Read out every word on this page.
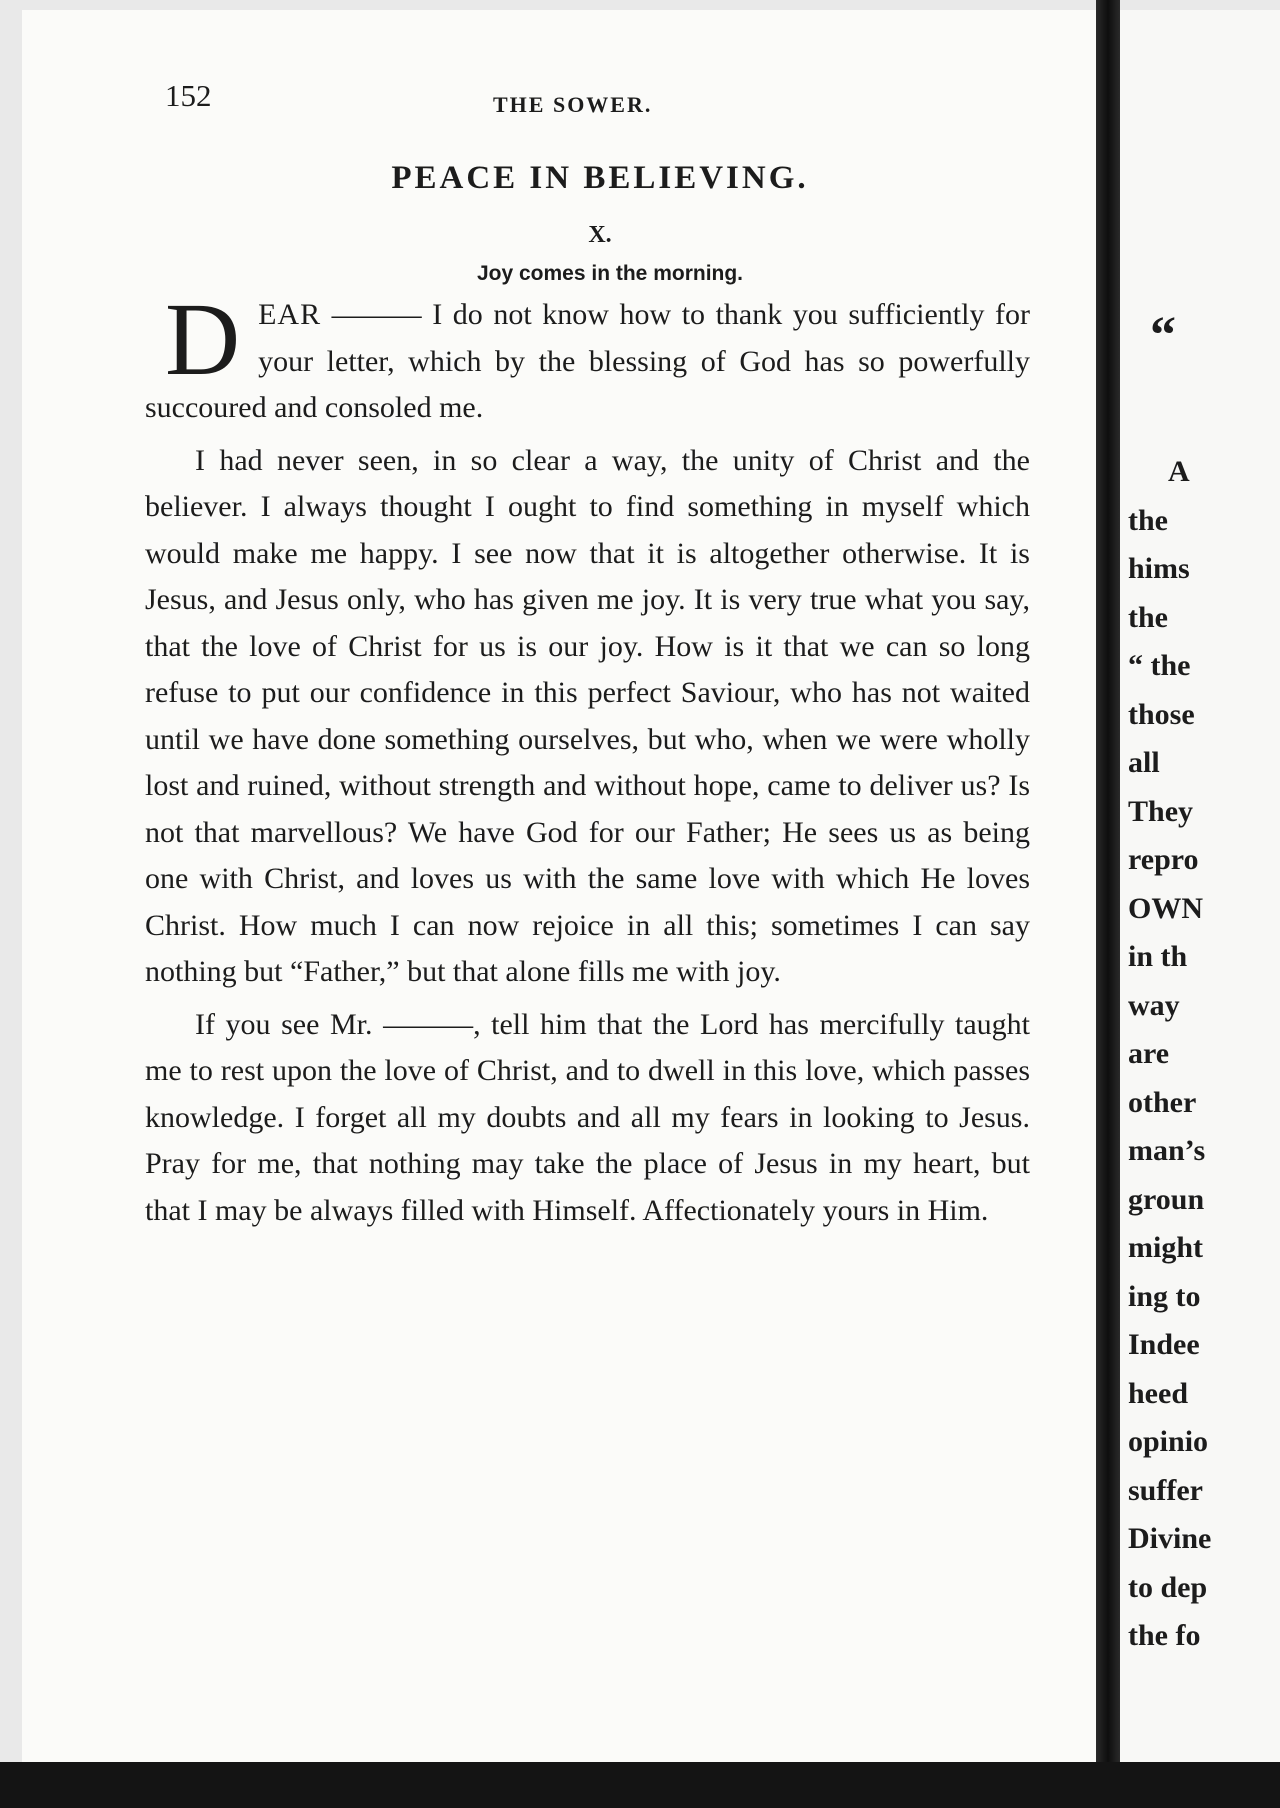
“
A
the
hims
the
“ the
those
all
They
repro
OWN
in th
way
are
other
man’s
groun
might
ing to
Indee
heed
opinio
suffer
Divine
to dep
the fo
152	THE SOWER.
PEACE IN BELIEVING.
X.
Joy comes in the morning.

DEAR ——— I do not know how to thank you sufficiently for your letter, which by the blessing of God has so powerfully succoured and consoled me.

I had never seen, in so clear a way, the unity of Christ and the believer. I always thought I ought to find something in myself which would make me happy. I see now that it is altogether otherwise. It is Jesus, and Jesus only, who has given me joy. It is very true what you say, that the love of Christ for us is our joy. How is it that we can so long refuse to put our confidence in this perfect Saviour, who has not waited until we have done something ourselves, but who, when we were wholly lost and ruined, without strength and without hope, came to deliver us? Is not that marvellous? We have God for our Father; He sees us as being one with Christ, and loves us with the same love with which He loves Christ. How much I can now rejoice in all this; sometimes I can say nothing but “Father,” but that alone fills me with joy.

If you see Mr. ———, tell him that the Lord has mercifully taught me to rest upon the love of Christ, and to dwell in this love, which passes knowledge. I forget all my doubts and all my fears in looking to Jesus. Pray for me, that nothing may take the place of Jesus in my heart, but that I may be always filled with Himself. Affectionately yours in Him.
